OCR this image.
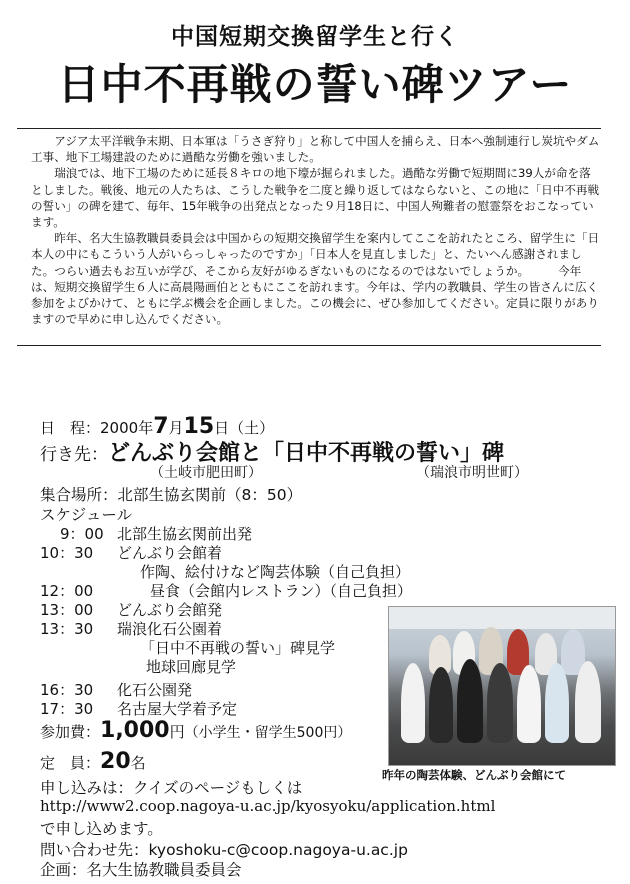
中国短期交換留学生と行く
日中不再戦の誓い碑ツアー

アジア太平洋戦争末期、日本軍は「うさぎ狩り」と称して中国人を捕らえ、日本へ強制連行し炭坑やダム工事、地下工場建設のために過酷な労働を強いました。

瑞浪では、地下工場のために延長８キロの地下壕が掘られました。過酷な労働で短期間に39人が命を落としました。戦後、地元の人たちは、こうした戦争を二度と繰り返してはならないと、この地に「日中不再戦の誓い」の碑を建て、毎年、15年戦争の出発点となった９月18日に、中国人殉難者の慰霊祭をおこなっています。

昨年、名大生協教職員委員会は中国からの短期交換留学生を案内してここを訪れたところ、留学生に「日本人の中にもこういう人がいらっしゃったのですか」「日本人を見直しました」と、たいへん感謝されました。つらい過去もお互いが学び、そこから友好がゆるぎないものになるのではないでしょうか。　　　今年は、短期交換留学生６人に高晨陽画伯とともにここを訪れます。今年は、学内の教職員、学生の皆さんに広く参加をよびかけて、ともに学ぶ機会を企画しました。この機会に、ぜひ参加してください。定員に限りがありますので早めに申し込んでください。

日　程：2000年7月15日（土）
行き先：どんぶり会館と「日中不再戦の誓い」碑
（土岐市肥田町）	（瑞浪市明世町）
集合場所：北部生協玄関前（8：50）
スケジュール
9：00 北部生協玄関前出発
10：30 どんぶり会館着
作陶、絵付けなど陶芸体験（自己負担）
12：00	昼食（会館内レストラン）（自己負担）
13：00 どんぶり会館発
13：30 瑞浪化石公園着
「日中不再戦の誓い」碑見学
地球回廊見学
16：30 化石公園発
17：30 名古屋大学着予定
参加費：1,000円（小学生・留学生500円）
定　員：20名
申し込みは：クイズのページもしくは
http://www2.coop.nagoya-u.ac.jp/kyosyoku/application.html
で申し込めます。
問い合わせ先：kyoshoku-c@coop.nagoya-u.ac.jp
企画：名大生協教職員委員会
昨年の陶芸体験、どんぶり会館にて
